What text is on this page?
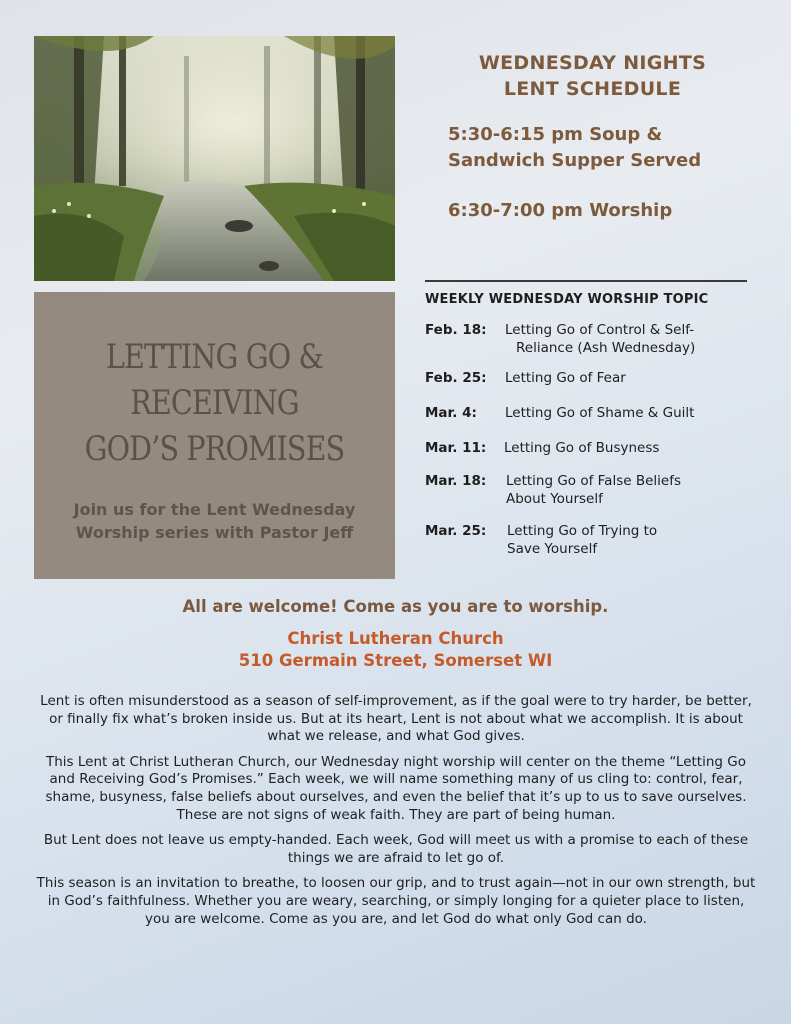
LETTING GO &
RECEIVING
GOD’S PROMISES
Join us for the Lent Wednesday
Worship series with Pastor Jeff
WEDNESDAY NIGHTS
LENT SCHEDULE
5:30-6:15 pm Soup &
Sandwich Supper Served
6:30-7:00 pm Worship
WEEKLY WEDNESDAY WORSHIP TOPIC
Feb. 18:	Letting Go of Control & Self-
Reliance (Ash Wednesday)
Feb. 25:	Letting Go of Fear
Mar. 4:	Letting Go of Shame & Guilt
Mar. 11:	Letting Go of Busyness
Mar. 18:	Letting Go of False Beliefs
About Yourself
Mar. 25:	Letting Go of Trying to
Save Yourself
All are welcome! Come as you are to worship.
Christ Lutheran Church
510 Germain Street, Somerset WI

Lent is often misunderstood as a season of self-improvement, as if the goal were to try harder, be better, or finally fix what’s broken inside us. But at its heart, Lent is not about what we accomplish. It is about what we release, and what God gives.

This Lent at Christ Lutheran Church, our Wednesday night worship will center on the theme “Letting Go and Receiving God’s Promises.” Each week, we will name something many of us cling to: control, fear, shame, busyness, false beliefs about ourselves, and even the belief that it’s up to us to save ourselves. These are not signs of weak faith. They are part of being human.

But Lent does not leave us empty-handed. Each week, God will meet us with a promise to each of these things we are afraid to let go of.

This season is an invitation to breathe, to loosen our grip, and to trust again—not in our own strength, but in God’s faithfulness. Whether you are weary, searching, or simply longing for a quieter place to listen, you are welcome. Come as you are, and let God do what only God can do.
